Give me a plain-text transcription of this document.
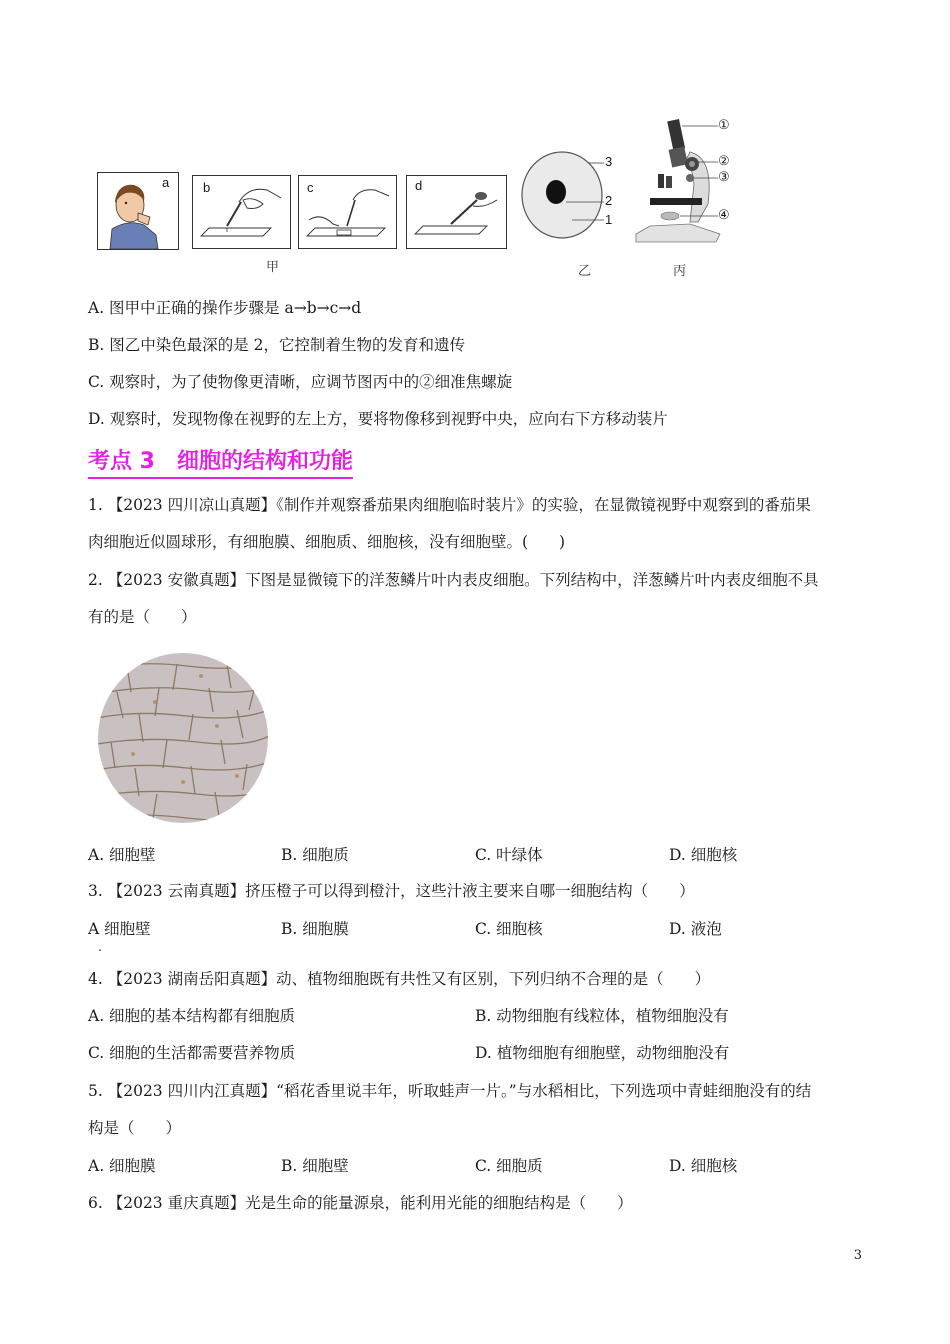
a	b	c	d
甲
3
2
1
乙
①
②
③
④
丙
A. 图甲中正确的操作步骤是 a→b→c→d
B. 图乙中染色最深的是 2，它控制着生物的发育和遗传
C. 观察时，为了使物像更清晰，应调节图丙中的②细准焦螺旋
D. 观察时，发现物像在视野的左上方，要将物像移到视野中央，应向右下方移动装片
考点 3　细胞的结构和功能
1. 【2023 四川凉山真题】《制作并观察番茄果肉细胞临时装片》的实验，在显微镜视野中观察到的番茄果
肉细胞近似圆球形，有细胞膜、细胞质、细胞核，没有细胞壁。(　　)
2. 【2023 安徽真题】下图是显微镜下的洋葱鳞片叶内表皮细胞。下列结构中，洋葱鳞片叶内表皮细胞不具
有的是（　　）
A. 细胞壁	B. 细胞质	C. 叶绿体	D. 细胞核
3. 【2023 云南真题】挤压橙子可以得到橙汁，这些汁液主要来自哪一细胞结构（　　）
A 细胞壁
.
B. 细胞膜	C. 细胞核	D. 液泡
4. 【2023 湖南岳阳真题】动、植物细胞既有共性又有区别，下列归纳不合理的是（　　）
A. 细胞的基本结构都有细胞质	B. 动物细胞有线粒体，植物细胞没有
C. 细胞的生活都需要营养物质	D. 植物细胞有细胞壁，动物细胞没有
5. 【2023 四川内江真题】“稻花香里说丰年，听取蛙声一片。”与水稻相比，下列选项中青蛙细胞没有的结
构是（　　）
A. 细胞膜	B. 细胞壁	C. 细胞质	D. 细胞核
6. 【2023 重庆真题】光是生命的能量源泉，能利用光能的细胞结构是（　　）
3
